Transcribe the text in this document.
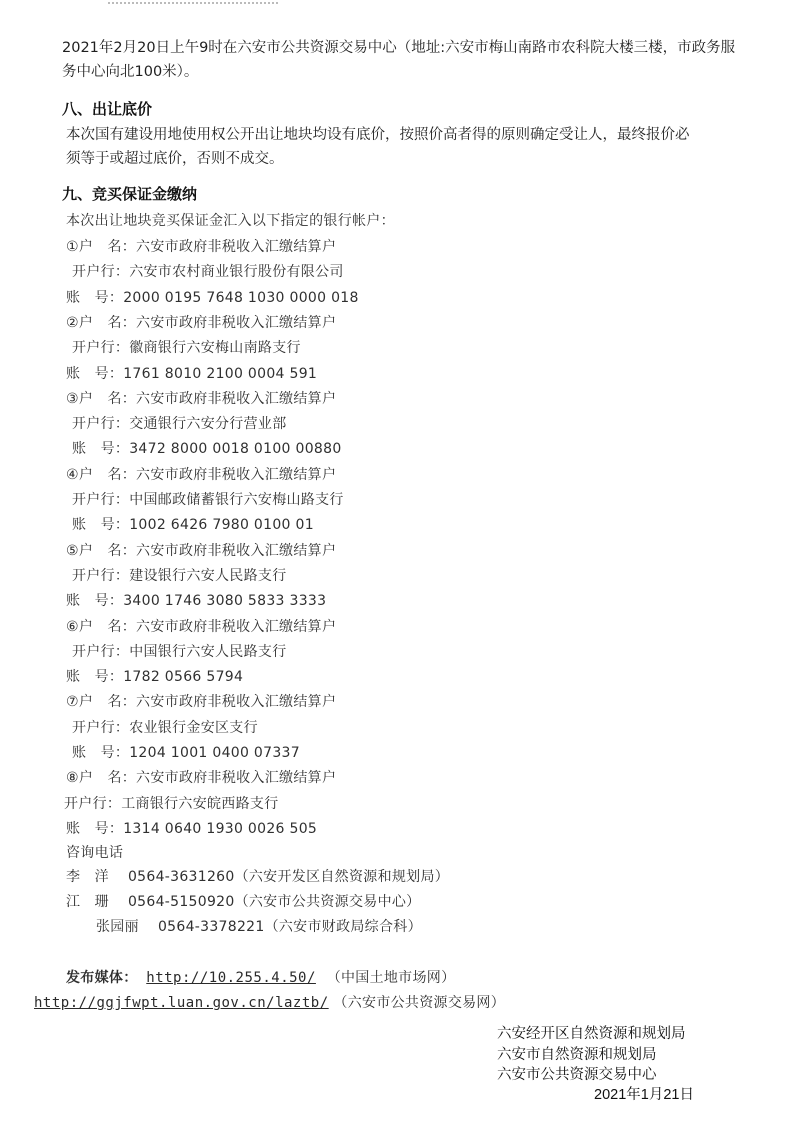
2021年2月20日上午9时在六安市公共资源交易中心（地址:六安市梅山南路市农科院大楼三楼，市政务服
务中心向北100米）。
八、出让底价
本次国有建设用地使用权公开出让地块均设有底价，按照价高者得的原则确定受让人，最终报价必
须等于或超过底价，否则不成交。
九、竞买保证金缴纳
本次出让地块竞买保证金汇入以下指定的银行帐户：
①户　名：六安市政府非税收入汇缴结算户
开户行：六安市农村商业银行股份有限公司
账　号：2000 0195 7648 1030 0000 018
②户　名：六安市政府非税收入汇缴结算户
开户行：徽商银行六安梅山南路支行
账　号：1761 8010 2100 0004 591
③户　名：六安市政府非税收入汇缴结算户
开户行：交通银行六安分行营业部
账　号：3472 8000 0018 0100 00880
④户　名：六安市政府非税收入汇缴结算户
开户行：中国邮政储蓄银行六安梅山路支行
账　号：1002 6426 7980 0100 01
⑤户　名：六安市政府非税收入汇缴结算户
开户行：建设银行六安人民路支行
账　号：3400 1746 3080 5833 3333
⑥户　名：六安市政府非税收入汇缴结算户
开户行：中国银行六安人民路支行
账　号：1782 0566 5794
⑦户　名：六安市政府非税收入汇缴结算户
开户行：农业银行金安区支行
账　号：1204 1001 0400 07337
⑧户　名：六安市政府非税收入汇缴结算户
开户行：工商银行六安皖西路支行
账　号：1314 0640 1930 0026 505
咨询电话
李　洋　 0564-3631260（六安开发区自然资源和规划局）
江　珊　 0564-5150920（六安市公共资源交易中心）
张园丽　 0564-3378221（六安市财政局综合科）
发布媒体： http://10.255.4.50/ （中国土地市场网）
http://ggjfwpt.luan.gov.cn/laztb/ （六安市公共资源交易网）
六安经开区自然资源和规划局
六安市自然资源和规划局
六安市公共资源交易中心
2021年1月21日
